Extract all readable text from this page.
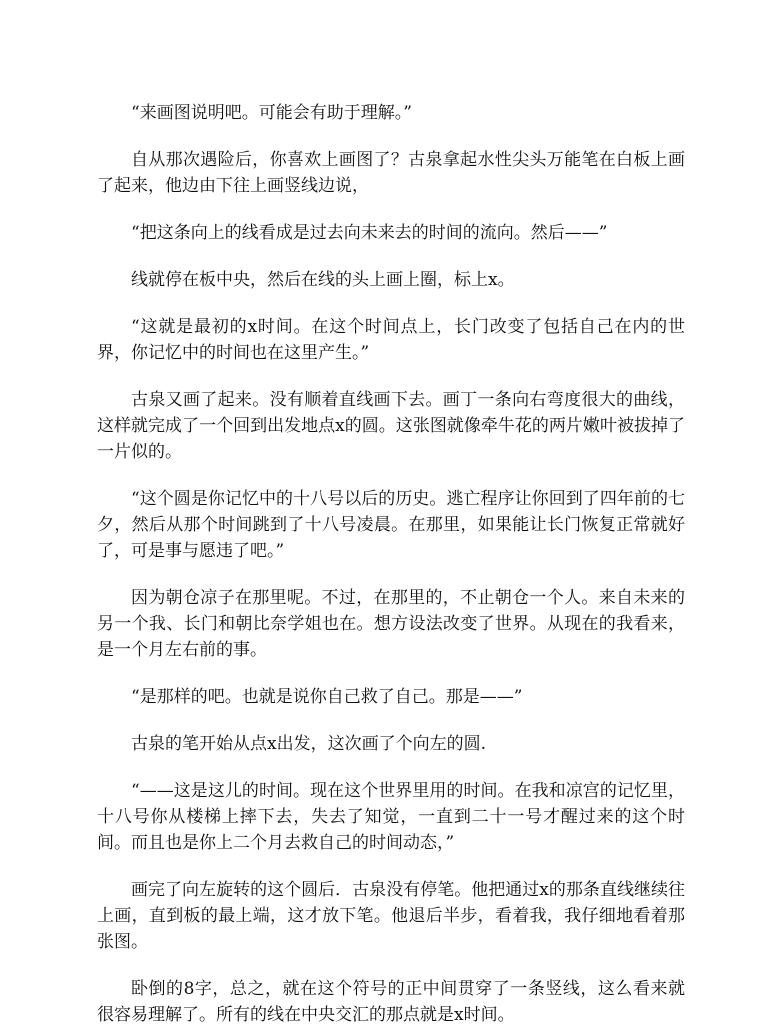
“来画图说明吧。可能会有助于理解。”

自从那次遇险后，你喜欢上画图了？古泉拿起水性尖头万能笔在白板上画了起来，他边由下往上画竖线边说，

“把这条向上的线看成是过去向未来去的时间的流向。然后——”

线就停在板中央，然后在线的头上画上圈，标上x。

“这就是最初的x时间。在这个时间点上，长门改变了包括自己在内的世界，你记忆中的时间也在这里产生。”

古泉又画了起来。没有顺着直线画下去。画丁一条向右弯度很大的曲线，这样就完成了一个回到出发地点x的圆。这张图就像牵牛花的两片嫩叶被拔掉了一片似的。

“这个圆是你记忆中的十八号以后的历史。逃亡程序让你回到了四年前的七夕，然后从那个时间跳到了十八号凌晨。在那里，如果能让长门恢复正常就好了，可是事与愿违了吧。”

因为朝仓凉子在那里呢。不过，在那里的，不止朝仓一个人。来自未来的另一个我、长门和朝比奈学姐也在。想方设法改变了世界。从现在的我看来，是一个月左右前的事。

“是那样的吧。也就是说你自己救了自己。那是——”

古泉的笔开始从点x出发，这次画了个向左的圆.

“——这是这儿的时间。现在这个世界里用的时间。在我和凉宫的记忆里，十八号你从楼梯上摔下去，失去了知觉，一直到二十一号才醒过来的这个时间。而且也是你上二个月去救自己的时间动态，”

画完了向左旋转的这个圆后．古泉没有停笔。他把通过x的那条直线继续往上画，直到板的最上端，这才放下笔。他退后半步，看着我，我仔细地看着那张图。

卧倒的8字，总之，就在这个符号的正中间贯穿了一条竖线，这么看来就很容易理解了。所有的线在中央交汇的那点就是x时间。
